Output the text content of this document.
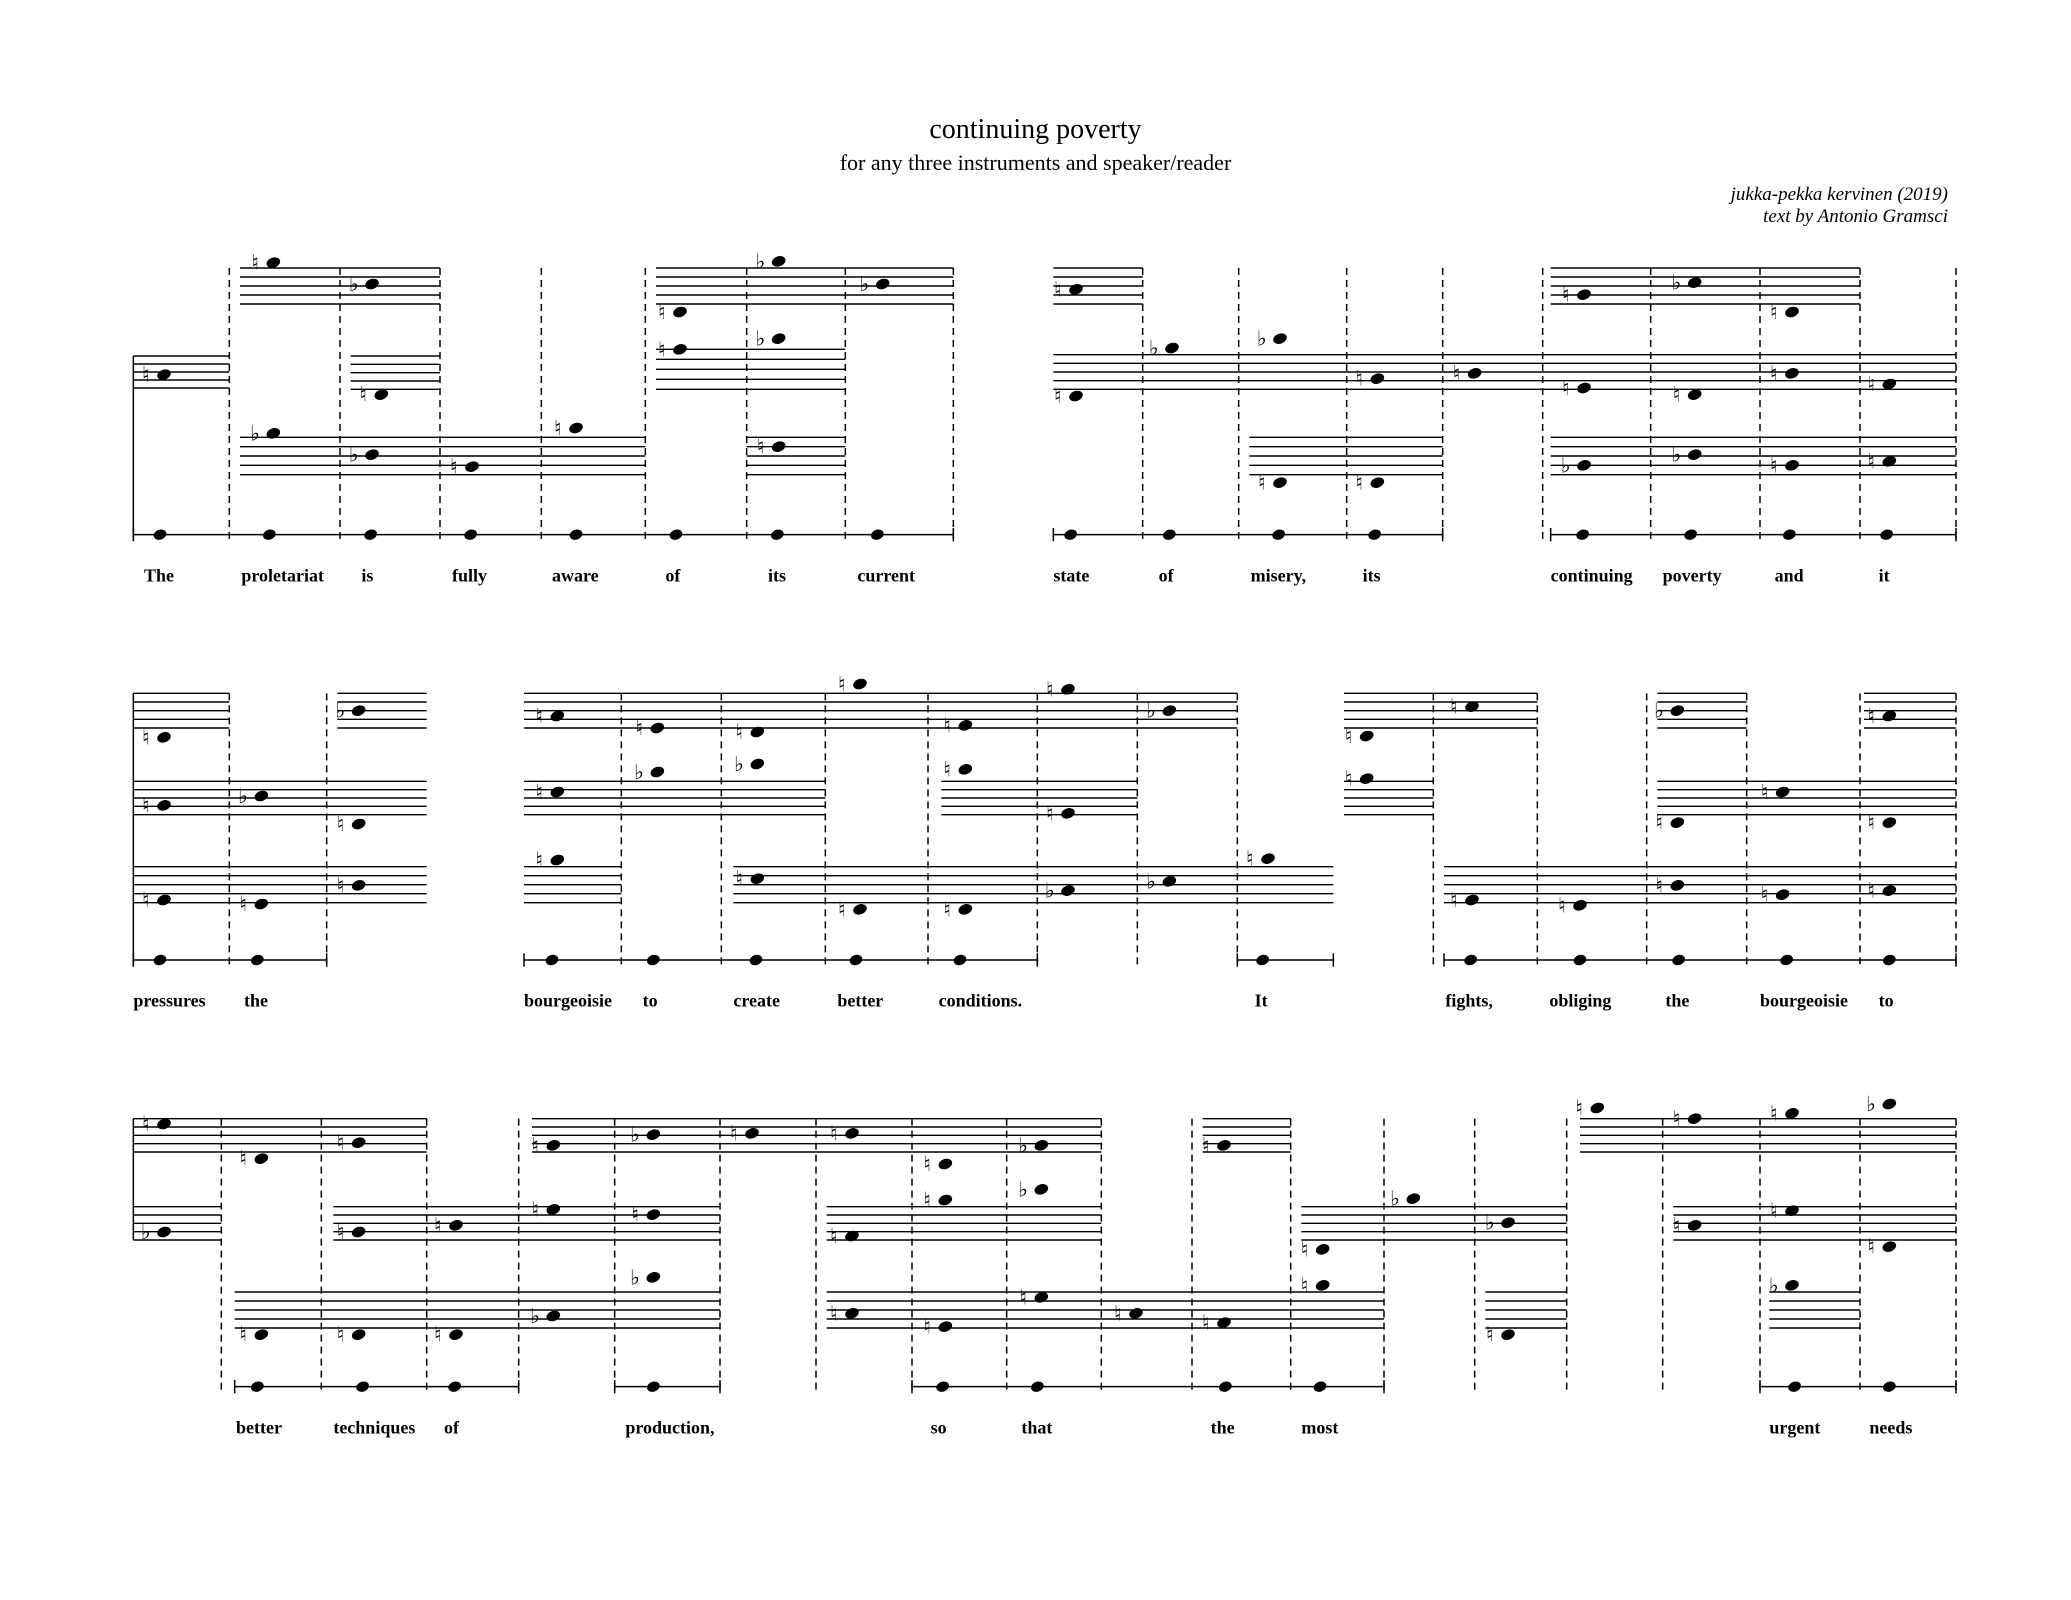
continuing poverty
for any three instruments and speaker/reader
jukka-pekka kervinen (2019)
text by Antonio Gramsci
♮
♮
♭
♮
♭
♭	♮
♮
♭
♭
♮
♮	♭
♮
♮
♮
♭	♭
♮	♮
♮	♮
♮	♮
♮	♮
♮	♭
♮
♭	♭	♮	♮
The	proletariat is	fully	aware	of	its	current	state	of	misery,	its	continuing poverty	and	it
♮
♮	♭
♮
♮	♮
♮
♭	♮	♮	♮
♮
♮
♮
♭
♮
♭	♭	♮
♮
♮
♮
♮	♮
♭	♭
♮
♮
♮
♮
♮	♮
♮	♮	♮
♭
♮
♮
♮
♮
pressures the	bourgeoisie to	create	better	conditions.	It	fights,	obliging	the	bourgeoisie to
♮
♮
♮
♭	♮	♮
♮	♮
♮	♮	♮
♭
♭
♮	♭	♮	♮
♮
♭
♮
♮	♭
♮
♮
♮
♮	♮
♮
♮
♮
♭
♭
♮
♮	♮	♮	♭
♮
♮
♮
♭
better	techniques of	production,	so	that	the	most	urgent	needs
